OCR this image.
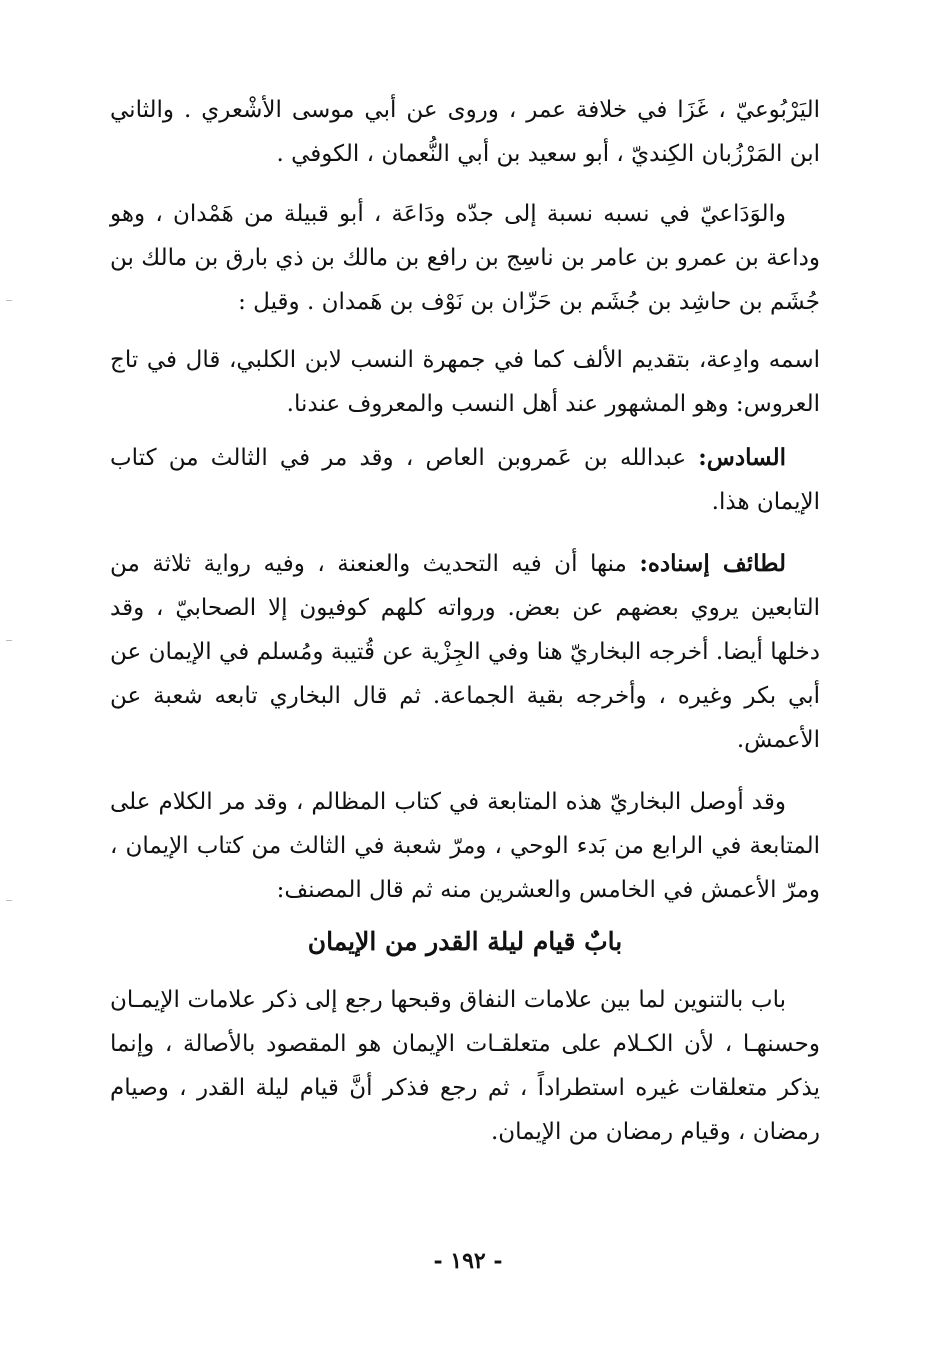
اليَرْبُوعيّ ، غَزَا في خلافة عمر ، وروى عن أبي موسى الأشْعري . والثاني ابن المَرْزُبان الكِنديّ ، أبو سعيد بن أبي النُّعمان ، الكوفي .

والوَدَاعيّ في نسبه نسبة إلى جدّه ودَاعَة ، أبو قبيلة من هَمْدان ، وهو وداعة بن عمرو بن عامر بن ناسِج بن رافع بن مالك بن ذي بارق بن مالك بن جُشَم بن حاشِد بن جُشَم بن حَزّان بن نَوْف بن هَمدان . وقيل :

اسمه وادِعة، بتقديم الألف كما في جمهرة النسب لابن الكلبي، قال في تاج العروس: وهو المشهور عند أهل النسب والمعروف عندنا.

السادس: عبدالله بن عَمروبن العاص ، وقد مر في الثالث من كتاب الإيمان هذا.

لطائف إسناده: منها أن فيه التحديث والعنعنة ، وفيه رواية ثلاثة من التابعين يروي بعضهم عن بعض. ورواته كلهم كوفيون إلا الصحابيّ ، وقد دخلها أيضا. أخرجه البخاريّ هنا وفي الجِزْية عن قُتيبة ومُسلم في الإيمان عن أبي بكر وغيره ، وأخرجه بقية الجماعة. ثم قال البخاري تابعه شعبة عن الأعمش.

وقد أوصل البخاريّ هذه المتابعة في كتاب المظالم ، وقد مر الكلام على المتابعة في الرابع من بَدء الوحي ، ومرّ شعبة في الثالث من كتاب الإيمان ، ومرّ الأعمش في الخامس والعشرين منه ثم قال المصنف:

بابٌ قيام ليلة القدر من الإيمان

باب بالتنوين لما بين علامات النفاق وقبحها رجع إلى ذكر علامات الإيمـان وحسنهـا ، لأن الكـلام على متعلقـات الإيمان هو المقصود بالأصالة ، وإنما يذكر متعلقات غيره استطراداً ، ثم رجع فذكر أنَّ قيام ليلة القدر ، وصيام رمضان ، وقيام رمضان من الإيمان.

- ١٩٢ -
